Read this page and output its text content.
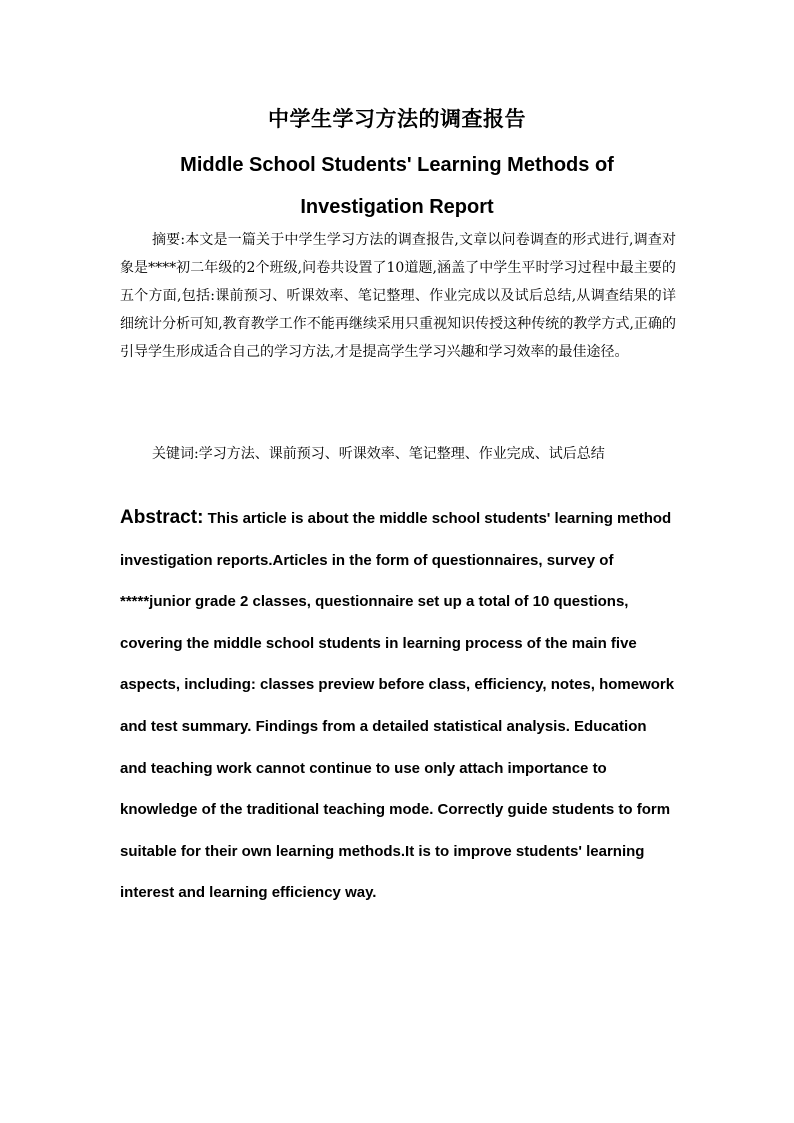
中学生学习方法的调查报告
Middle School Students' Learning Methods of Investigation Report

摘要:本文是一篇关于中学生学习方法的调查报告,文章以问卷调查的形式进行,调查对象是****初二年级的2个班级,问卷共设置了10道题,涵盖了中学生平时学习过程中最主要的五个方面,包括:课前预习、听课效率、笔记整理、作业完成以及试后总结,从调查结果的详细统计分析可知,教育教学工作不能再继续采用只重视知识传授这种传统的教学方式,正确的引导学生形成适合自己的学习方法,才是提高学生学习兴趣和学习效率的最佳途径。

关键词:学习方法、课前预习、听课效率、笔记整理、作业完成、试后总结

Abstract: This article is about the middle school students' learning method investigation reports.Articles in the form of questionnaires, survey of *****junior grade 2 classes, questionnaire set up a total of 10 questions, covering the middle school students in learning process of the main five aspects, including: classes preview before class, efficiency, notes, homework and test summary. Findings from a detailed statistical analysis. Education and teaching work cannot continue to use only attach importance to knowledge of the traditional teaching mode. Correctly guide students to form suitable for their own learning methods.It is to improve students' learning interest and learning efficiency way.
